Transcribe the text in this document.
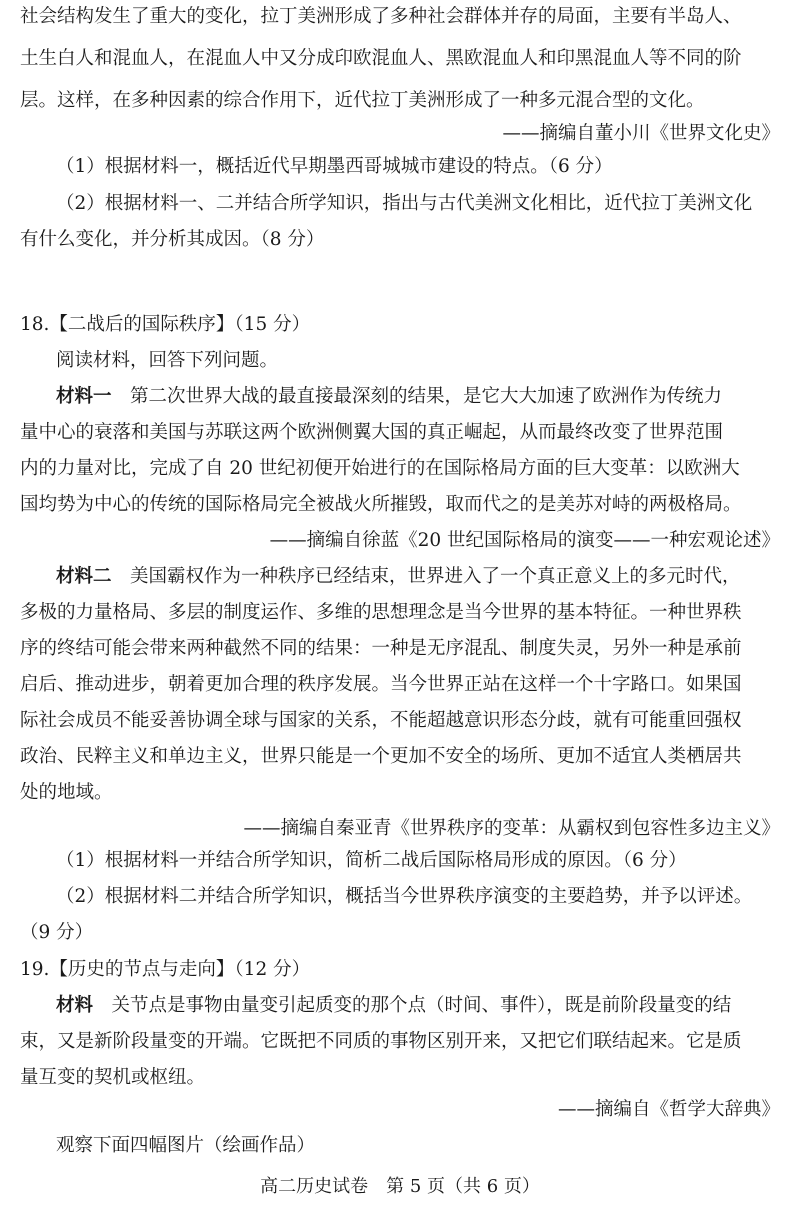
社会结构发生了重大的变化，拉丁美洲形成了多种社会群体并存的局面，主要有半岛人、
土生白人和混血人，在混血人中又分成印欧混血人、黑欧混血人和印黑混血人等不同的阶
层。这样，在多种因素的综合作用下，近代拉丁美洲形成了一种多元混合型的文化。
——摘编自董小川《世界文化史》
（1）根据材料一，概括近代早期墨西哥城城市建设的特点。（6 分）
（2）根据材料一、二并结合所学知识，指出与古代美洲文化相比，近代拉丁美洲文化
有什么变化，并分析其成因。（8 分）
18.【二战后的国际秩序】（15 分）
阅读材料，回答下列问题。
材料一　 第二次世界大战的最直接最深刻的结果，是它大大加速了欧洲作为传统力
量中心的衰落和美国与苏联这两个欧洲侧翼大国的真正崛起，从而最终改变了世界范围
内的力量对比，完成了自 20 世纪初便开始进行的在国际格局方面的巨大变革：以欧洲大
国均势为中心的传统的国际格局完全被战火所摧毁，取而代之的是美苏对峙的两极格局。
——摘编自徐蓝《20 世纪国际格局的演变——一种宏观论述》
材料二　 美国霸权作为一种秩序已经结束，世界进入了一个真正意义上的多元时代，
多极的力量格局、多层的制度运作、多维的思想理念是当今世界的基本特征。一种世界秩
序的终结可能会带来两种截然不同的结果：一种是无序混乱、制度失灵，另外一种是承前
启后、推动进步，朝着更加合理的秩序发展。当今世界正站在这样一个十字路口。如果国
际社会成员不能妥善协调全球与国家的关系，不能超越意识形态分歧，就有可能重回强权
政治、民粹主义和单边主义，世界只能是一个更加不安全的场所、更加不适宜人类栖居共
处的地域。
——摘编自秦亚青《世界秩序的变革：从霸权到包容性多边主义》
（1）根据材料一并结合所学知识，简析二战后国际格局形成的原因。（6 分）
（2）根据材料二并结合所学知识，概括当今世界秩序演变的主要趋势，并予以评述。
（9 分）
19.【历史的节点与走向】（12 分）
材料　 关节点是事物由量变引起质变的那个点（时间、事件），既是前阶段量变的结
束，又是新阶段量变的开端。它既把不同质的事物区别开来，又把它们联结起来。它是质
量互变的契机或枢纽。
——摘编自《哲学大辞典》
观察下面四幅图片（绘画作品）
高二历史试卷　第 5 页（共 6 页）
